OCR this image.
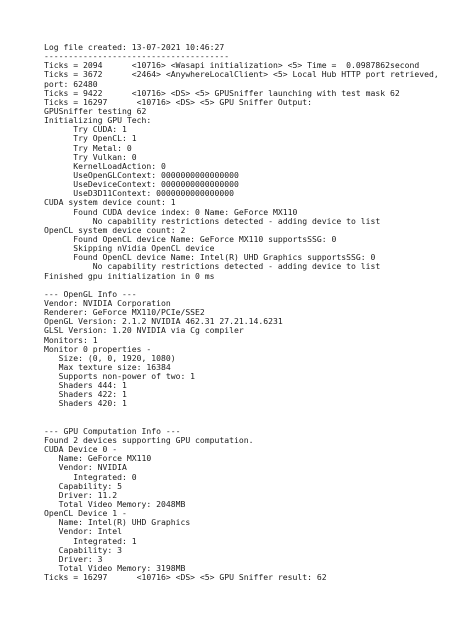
Log file created: 13-07-2021 10:46:27
--------------------------------------
Ticks = 2094      <10716> <Wasapi initialization> <5> Time =  0.0987862second
Ticks = 3672      <2464> <AnywhereLocalClient> <5> Local Hub HTTP port retrieved,
port: 62480
Ticks = 9422      <10716> <DS> <5> GPUSniffer launching with test mask 62
Ticks = 16297      <10716> <DS> <5> GPU Sniffer Output:
GPUSniffer testing 62
Initializing GPU Tech:
Try CUDA: 1
Try OpenCL: 1
Try Metal: 0
Try Vulkan: 0
KernelLoadAction: 0
UseOpenGLContext: 0000000000000000
UseDeviceContext: 0000000000000000
UseD3D11Context: 0000000000000000
CUDA system device count: 1
Found CUDA device index: 0 Name: GeForce MX110
No capability restrictions detected - adding device to list
OpenCL system device count: 2
Found OpenCL device Name: GeForce MX110 supportsSSG: 0
Skipping nVidia OpenCL device
Found OpenCL device Name: Intel(R) UHD Graphics supportsSSG: 0
No capability restrictions detected - adding device to list
Finished gpu initialization in 0 ms
--- OpenGL Info ---
Vendor: NVIDIA Corporation
Renderer: GeForce MX110/PCIe/SSE2
OpenGL Version: 2.1.2 NVIDIA 462.31 27.21.14.6231
GLSL Version: 1.20 NVIDIA via Cg compiler
Monitors: 1
Monitor 0 properties -
Size: (0, 0, 1920, 1080)
Max texture size: 16384
Supports non-power of two: 1
Shaders 444: 1
Shaders 422: 1
Shaders 420: 1
--- GPU Computation Info ---
Found 2 devices supporting GPU computation.
CUDA Device 0 -
Name: GeForce MX110
Vendor: NVIDIA
Integrated: 0
Capability: 5
Driver: 11.2
Total Video Memory: 2048MB
OpenCL Device 1 -
Name: Intel(R) UHD Graphics
Vendor: Intel
Integrated: 1
Capability: 3
Driver: 3
Total Video Memory: 3198MB
Ticks = 16297      <10716> <DS> <5> GPU Sniffer result: 62
